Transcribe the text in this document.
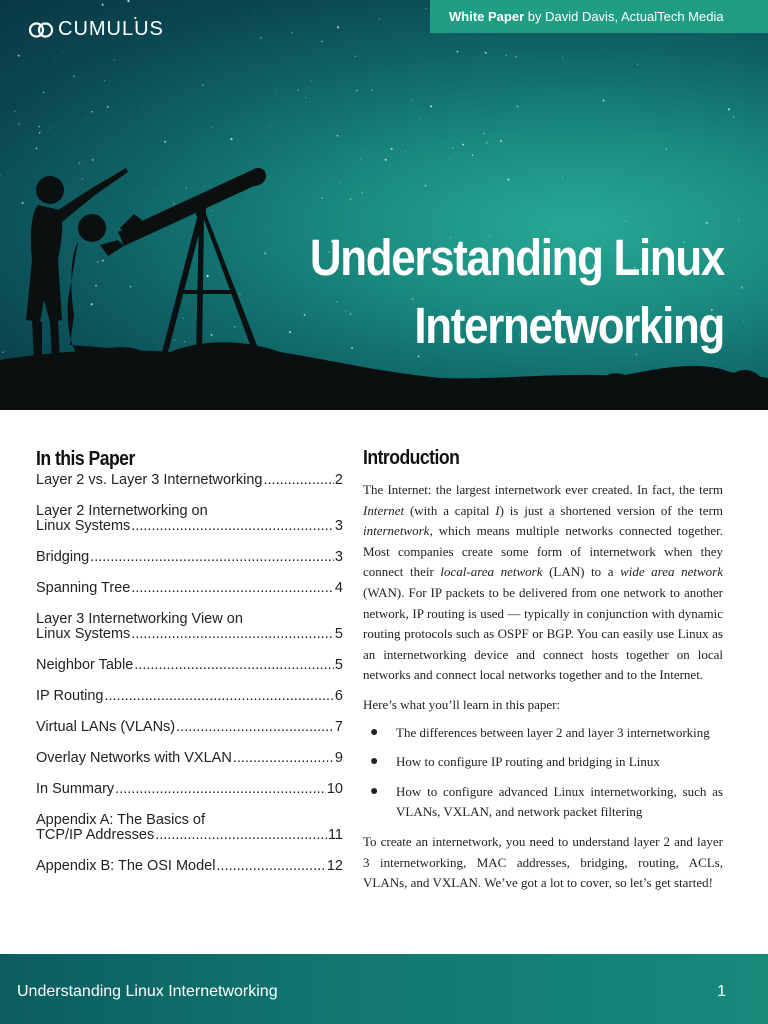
CUMULUS
White Paper by David Davis, ActualTech Media
Understanding Linux
Internetworking
In this Paper
Layer 2 vs. Layer 3 Internetworking .....	2
Layer 2 Internetworking on
Linux Systems .....	3
Bridging .....	3
Spanning Tree .....	4
Layer 3 Internetworking View on
Linux Systems .....	5
Neighbor Table .....	5
IP Routing .....	6
Virtual LANs (VLANs) .....	7
Overlay Networks with VXLAN .....	9
In Summary .....	10
Appendix A: The Basics of
TCP/IP Addresses .....	11
Appendix B: The OSI Model .....	12
Introduction

The Internet: the largest internetwork ever created. In fact, the term Internet (with a capital I) is just a shortened version of the term internetwork, which means multiple networks connected together. Most companies create some form of internetwork when they connect their local-area network (LAN) to a wide area network (WAN). For IP packets to be delivered from one network to another network, IP routing is used — typically in conjunction with dynamic routing protocols such as OSPF or BGP. You can easily use Linux as an internetworking device and connect hosts together on local networks and connect local networks together and to the Internet.

Here’s what you’ll learn in this paper:

● The differences between layer 2 and layer 3 internetworking
● How to configure IP routing and bridging in Linux
● How to configure advanced Linux internetworking, such as VLANs, VXLAN, and network packet filtering

To create an internetwork, you need to understand layer 2 and layer 3 internetworking, MAC addresses, bridging, routing, ACLs, VLANs, and VXLAN. We’ve got a lot to cover, so let’s get started!

Understanding Linux Internetworking	1
